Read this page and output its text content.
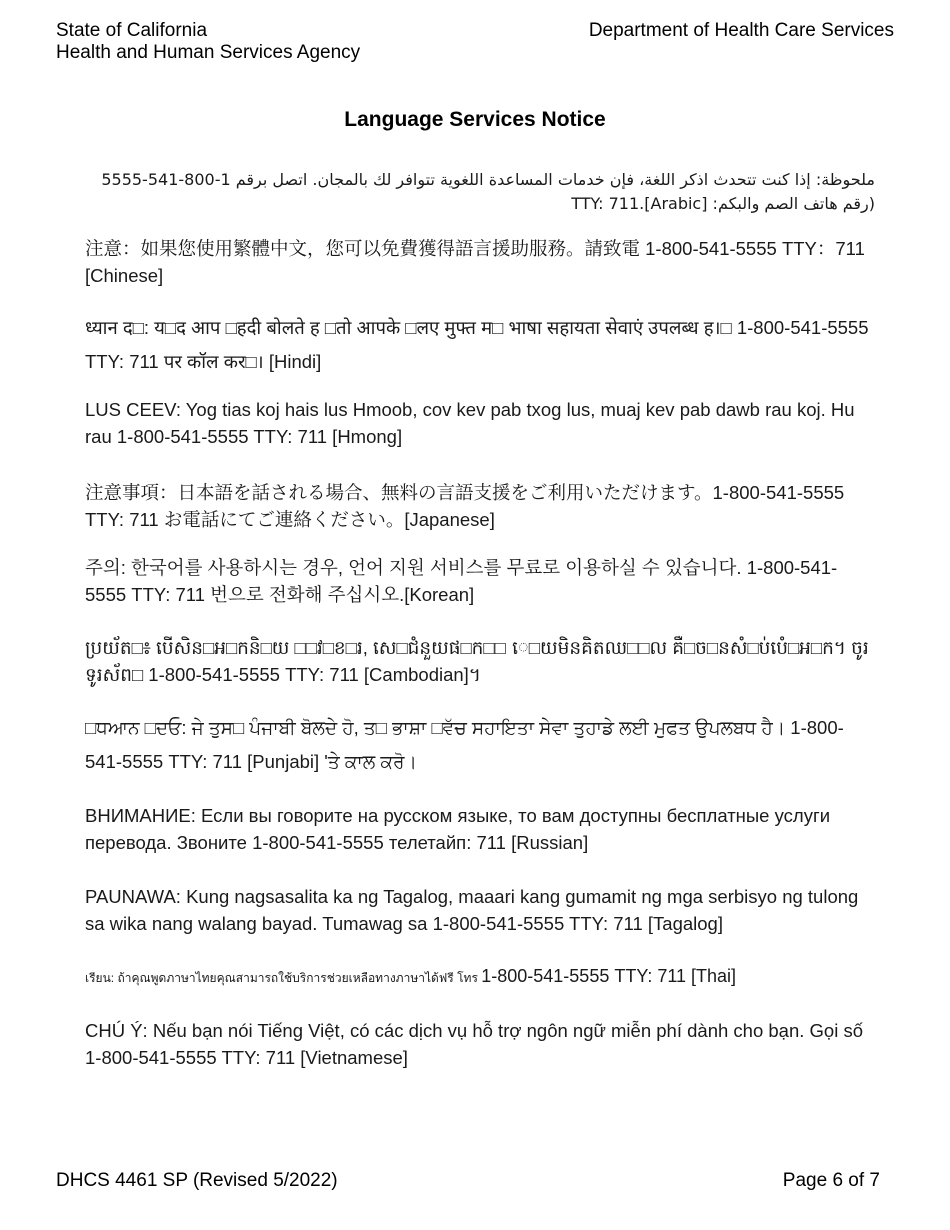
State of California
Health and Human Services Agency
Department of Health Care Services
Language Services Notice
ملحوظة: إذا كنت تتحدث اذكر اللغة، فإن خدمات المساعدة اللغوية تتوافر لك بالمجان. اتصل برقم 1-800-541-5555 (رقم هاتف الصم والبكم: TTY: 711.[Arabic]
注意：如果您使用繁體中文，您可以免費獲得語言援助服務。請致電 1-800-541-5555 TTY：711 [Chinese]
ध्यान द□: य□द आप □हदी बोलते ह □तो आपके □लए मुफ्त म□ भाषा सहायता सेवाएं उपलब्ध ह।□ 1-800-541-5555 TTY: 711 पर कॉल कर□। [Hindi]
LUS CEEV: Yog tias koj hais lus Hmoob, cov kev pab txog lus, muaj kev pab dawb rau koj. Hu rau 1-800-541-5555 TTY: 711 [Hmong]
注意事項：日本語を話される場合、無料の言語支援をご利用いただけます。1-800-541-5555 TTY: 711 お電話にてご連絡ください。[Japanese]
주의: 한국어를 사용하시는 경우, 언어 지원 서비스를 무료로 이용하실 수 있습니다. 1-800-541-5555 TTY: 711 번으로 전화해 주십시오.[Korean]
ប្រយ័ត□៖ បើសិន□អ□កនិ□យ □□វ□ខ□រ, សេ□ជំនួយផ□ក□□ េ□យមិនគិតឈ□□ល គឺ□ច□នសំ□ប់បំេ□អ□ក។ ចូរ ទូរស័ព□ 1-800-541-5555 TTY: 711 [Cambodian]។
□ਧਆਨ □ਦਓ: ਜੇ ਤੁਸ□ ਪੰਜਾਬੀ ਬੋਲਦੇ ਹੋ, ਤ□ ਭਾਸ਼ਾ □ਵੱਚ ਸਹਾਇਤਾ ਸੇਵਾ ਤੁਹਾਡੇ ਲਈ ਮੁਫਤ ਉਪਲਬਧ ਹੈ। 1-800-541-5555 TTY: 711 [Punjabi] 'ਤੇ ਕਾਲ ਕਰੋ।
ВНИМАНИЕ: Если вы говорите на русском языке, то вам доступны бесплатные услуги перевода. Звоните 1-800-541-5555 телетайп: 711 [Russian]
PAUNAWA: Kung nagsasalita ka ng Tagalog, maaari kang gumamit ng mga serbisyo ng tulong sa wika nang walang bayad. Tumawag sa 1-800-541-5555 TTY: 711 [Tagalog]
เรียน: ถ้าคุณพูดภาษาไทยคุณสามารถใช้บริการช่วยเหลือทางภาษาได้ฟรี โทร 1-800-541-5555 TTY: 711 [Thai]
CHÚ Ý: Nếu bạn nói Tiếng Việt, có các dịch vụ hỗ trợ ngôn ngữ miễn phí dành cho bạn. Gọi số 1-800-541-5555 TTY: 711 [Vietnamese]
DHCS 4461 SP (Revised 5/2022)	Page 6 of 7
